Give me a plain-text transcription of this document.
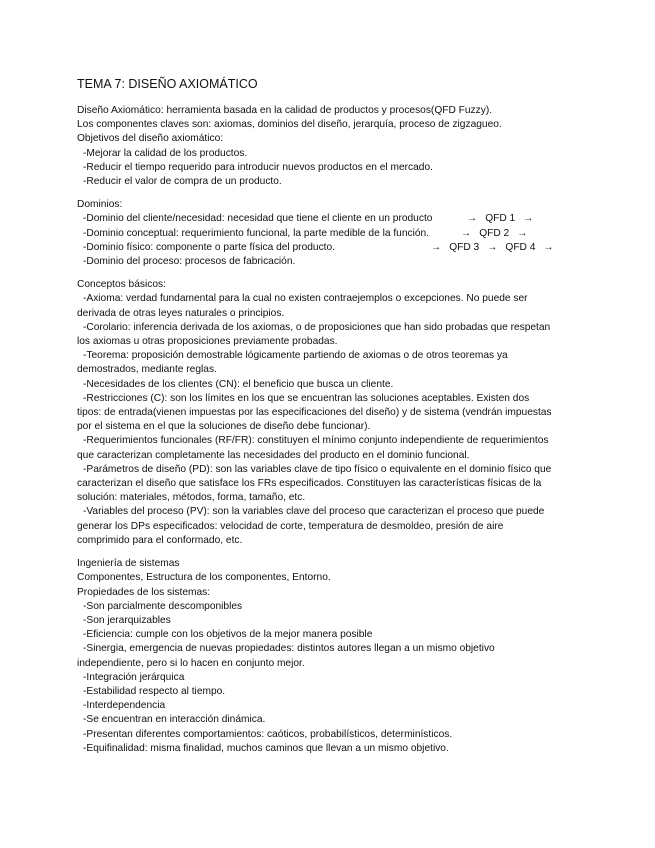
TEMA 7: DISEÑO AXIOMÁTICO
Diseño Axiomático: herramienta basada en la calidad de productos y procesos(QFD Fuzzy).
Los componentes claves son: axiomas, dominios del diseño, jerarquía, proceso de zigzagueo.
Objetivos del diseño axiomático:
-Mejorar la calidad de los productos.
-Reducir el tiempo requerido para introducir nuevos productos en el mercado.
-Reducir el valor de compra de un producto.
Dominios:
-Dominio del cliente/necesidad: necesidad que tiene el cliente en un producto	→ QFD 1 →
-Dominio conceptual: requerimiento funcional, la parte medible de la función.	→ QFD 2 →
-Dominio físico: componente o parte física del producto.	→ QFD 3 → QFD 4 →
-Dominio del proceso: procesos de fabricación.
Conceptos básicos:
-Axioma: verdad fundamental para la cual no existen contraejemplos o excepciones. No puede ser
derivada de otras leyes naturales o principios.
-Corolario: inferencia derivada de los axiomas, o de proposiciones que han sido probadas que respetan
los axiomas u otras proposiciones previamente probadas.
-Teorema: proposición demostrable lógicamente partiendo de axiomas o de otros teoremas ya
demostrados, mediante reglas.
-Necesidades de los clientes (CN): el beneficio que busca un cliente.
-Restricciones (C): son los límites en los que se encuentran las soluciones aceptables. Existen dos
tipos: de entrada(vienen impuestas por las especificaciones del diseño) y de sistema (vendrán impuestas
por el sistema en el que la soluciones de diseño debe funcionar).
-Requerimientos funcionales (RF/FR): constituyen el mínimo conjunto independiente de requerimientos
que caracterizan completamente las necesidades del producto en el dominio funcional.
-Parámetros de diseño (PD): son las variables clave de tipo físico o equivalente en el dominio físico que
caracterizan el diseño que satisface los FRs especificados. Constituyen las características físicas de la
solución: materiales, métodos, forma, tamaño, etc.
-Variables del proceso (PV): son la variables clave del proceso que caracterizan el proceso que puede
generar los DPs especificados: velocidad de corte, temperatura de desmoldeo, presión de aire
comprimido para el conformado, etc.
Ingeniería de sistemas
Componentes, Estructura de los componentes, Entorno.
Propiedades de los sistemas:
-Son parcialmente descomponibles
-Son jerarquizables
-Eficiencia: cumple con los objetivos de la mejor manera posible
-Sinergia, emergencia de nuevas propiedades: distintos autores llegan a un mismo objetivo
independiente, pero si lo hacen en conjunto mejor.
-Integración jerárquica
-Estabilidad respecto al tiempo.
-Interdependencia
-Se encuentran en interacción dinámica.
-Presentan diferentes comportamientos: caóticos, probabilísticos, determinísticos.
-Equifinalidad: misma finalidad, muchos caminos que llevan a un mismo objetivo.
